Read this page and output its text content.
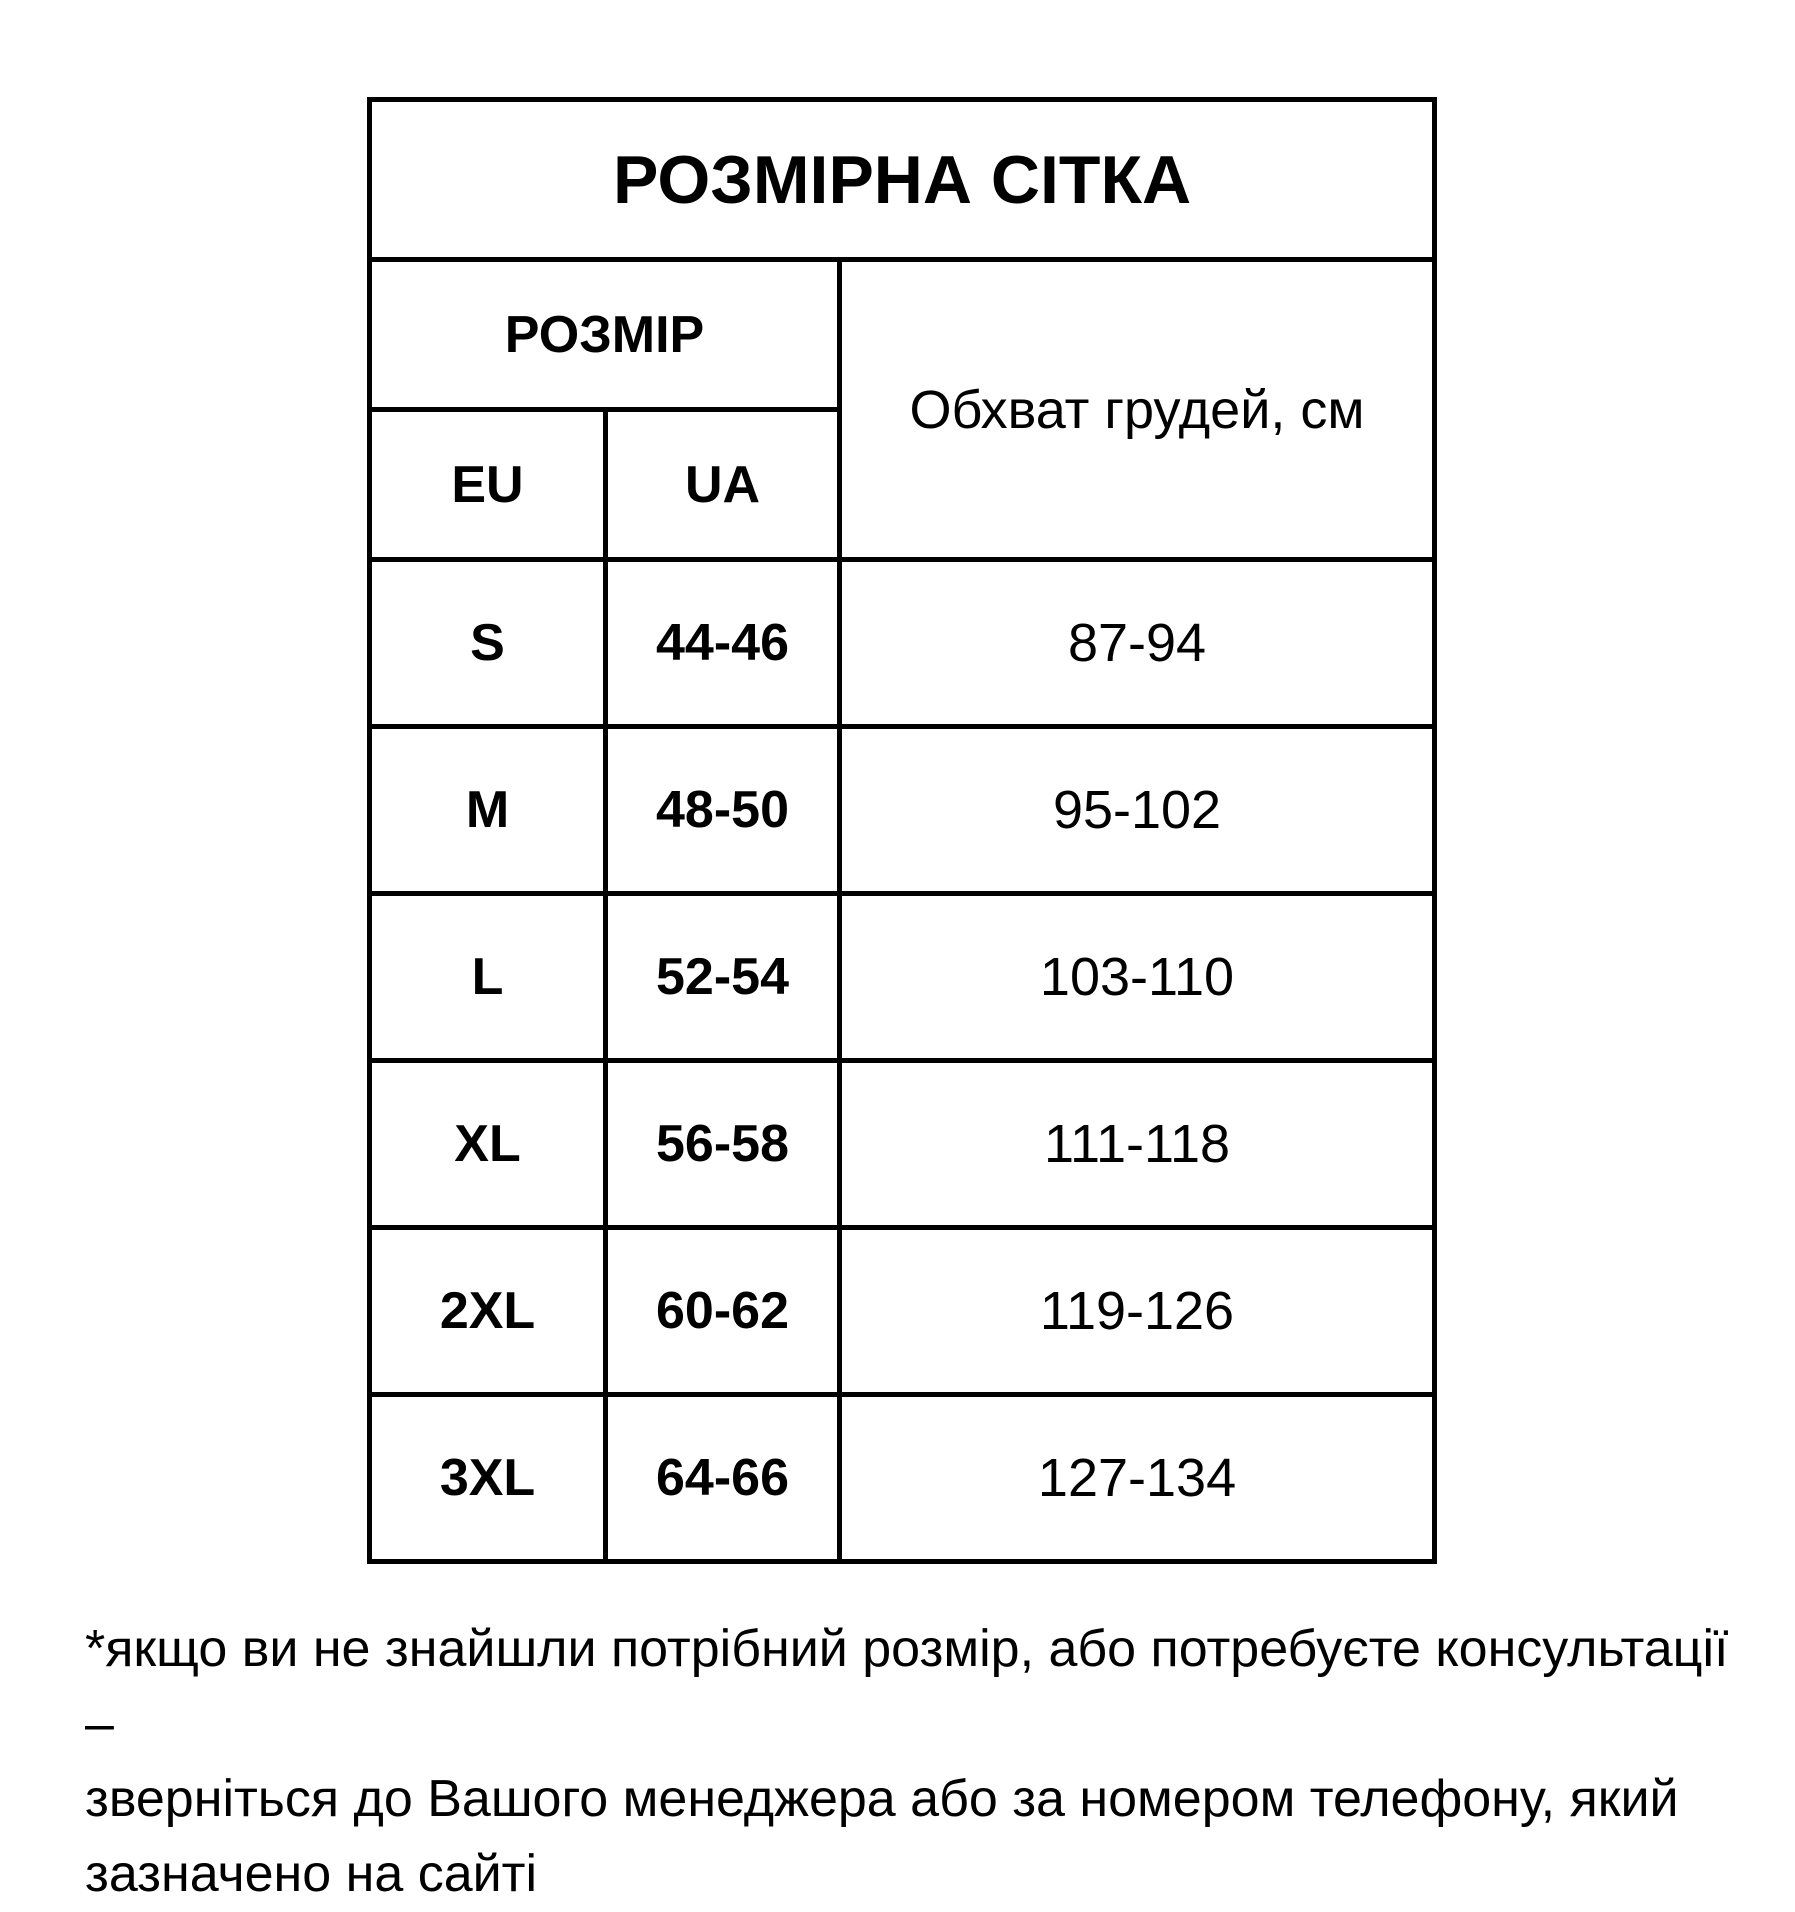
РОЗМІРНА СІТКА		
РОЗМІР		Обхват грудей, см
EU	UA	
S	44-46	87-94
M	48-50	95-102
L	52-54	103-110
XL	56-58	111-118
2XL	60-62	119-126
3XL	64-66	127-134
*якщо ви не знайшли потрібний розмір, або потребуєте консультації –
зверніться до Вашого менеджера або за номером телефону, який
зазначено на сайті
